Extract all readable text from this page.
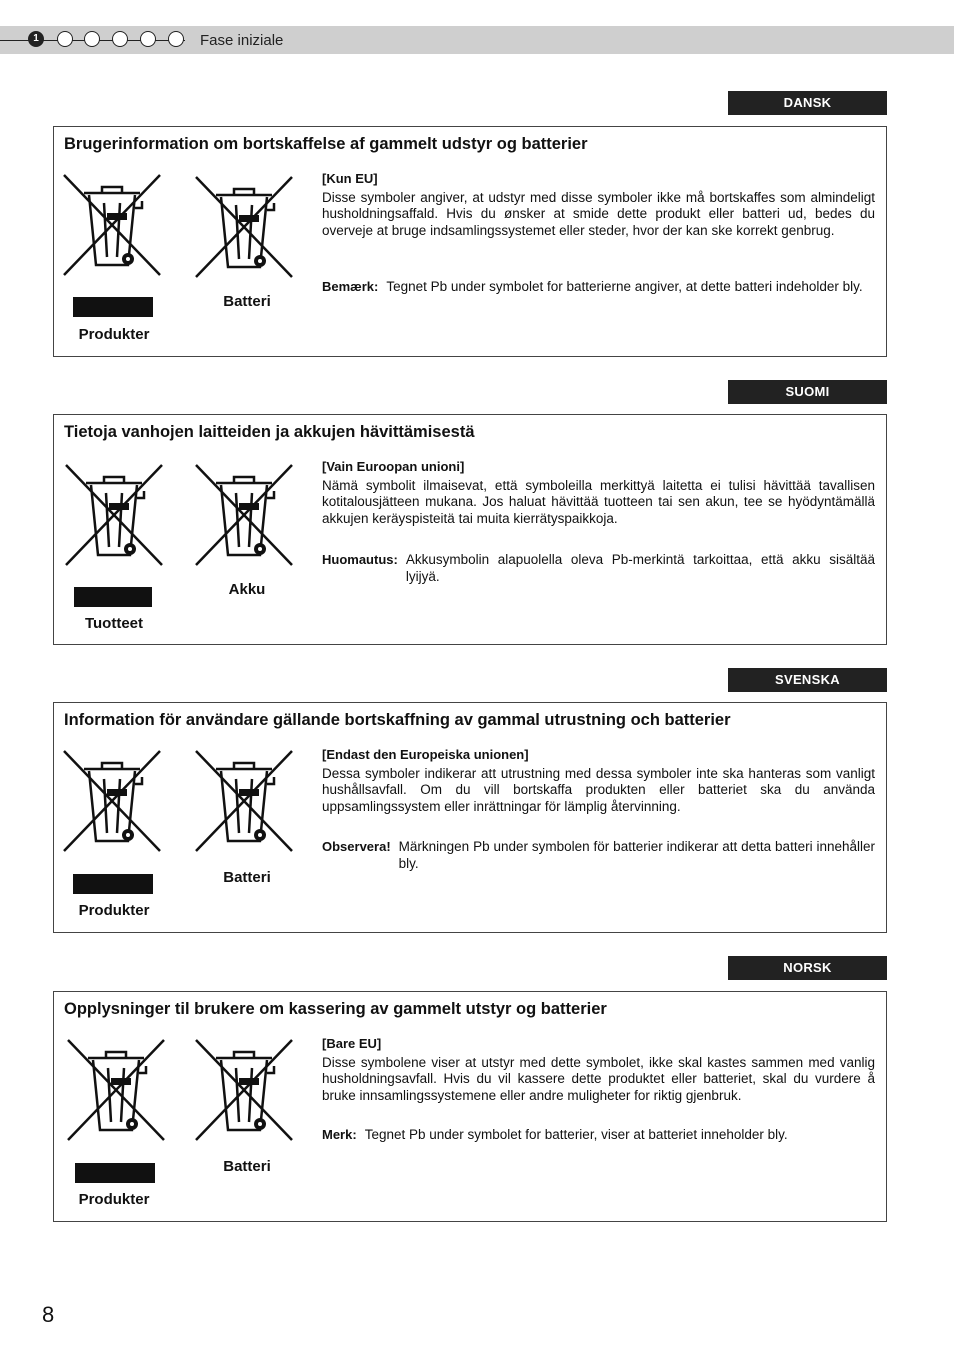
1	Fase iniziale
DANSK
Brugerinformation om bortskaffelse af gammelt udstyr og batterier
Produkter
Batteri
[Kun EU]

Disse symboler angiver, at udstyr med disse symboler ikke må bortskaffes som almindeligt husholdningsaffald. Hvis du ønsker at smide dette produkt eller batteri ud, bedes du overveje at bruge indsamlingssystemet eller steder, hvor der kan ske korrekt genbrug.

Bemærk: Tegnet Pb under symbolet for batterierne angiver, at dette batteri indeholder bly.
SUOMI
Tietoja vanhojen laitteiden ja akkujen hävittämisestä
Tuotteet
Akku
[Vain Euroopan unioni]

Nämä symbolit ilmaisevat, että symboleilla merkittyä laitetta ei tulisi hävittää tavallisen kotitalousjätteen mukana. Jos haluat hävittää tuotteen tai sen akun, tee se hyödyntämällä akkujen keräyspisteitä tai muita kierrätyspaikkoja.

Huomautus: Akkusymbolin alapuolella oleva Pb-merkintä tarkoittaa, että akku sisältää lyijyä.
SVENSKA
Information för användare gällande bortskaffning av gammal utrustning och batterier
Produkter
Batteri
[Endast den Europeiska unionen]

Dessa symboler indikerar att utrustning med dessa symboler inte ska hanteras som vanligt hushållsavfall. Om du vill bortskaffa produkten eller batteriet ska du använda uppsamlingssystem eller inrättningar för lämplig återvinning.

Observera! Märkningen Pb under symbolen för batterier indikerar att detta batteri innehåller bly.
NORSK
Opplysninger til brukere om kassering av gammelt utstyr og batterier
Produkter
Batteri
[Bare EU]

Disse symbolene viser at utstyr med dette symbolet, ikke skal kastes sammen med vanlig husholdningsavfall. Hvis du vil kassere dette produktet eller batteriet, skal du vurdere å bruke innsamlingssystemene eller andre muligheter for riktig gjenbruk.

Merk: Tegnet Pb under symbolet for batterier, viser at batteriet inneholder bly.
8
